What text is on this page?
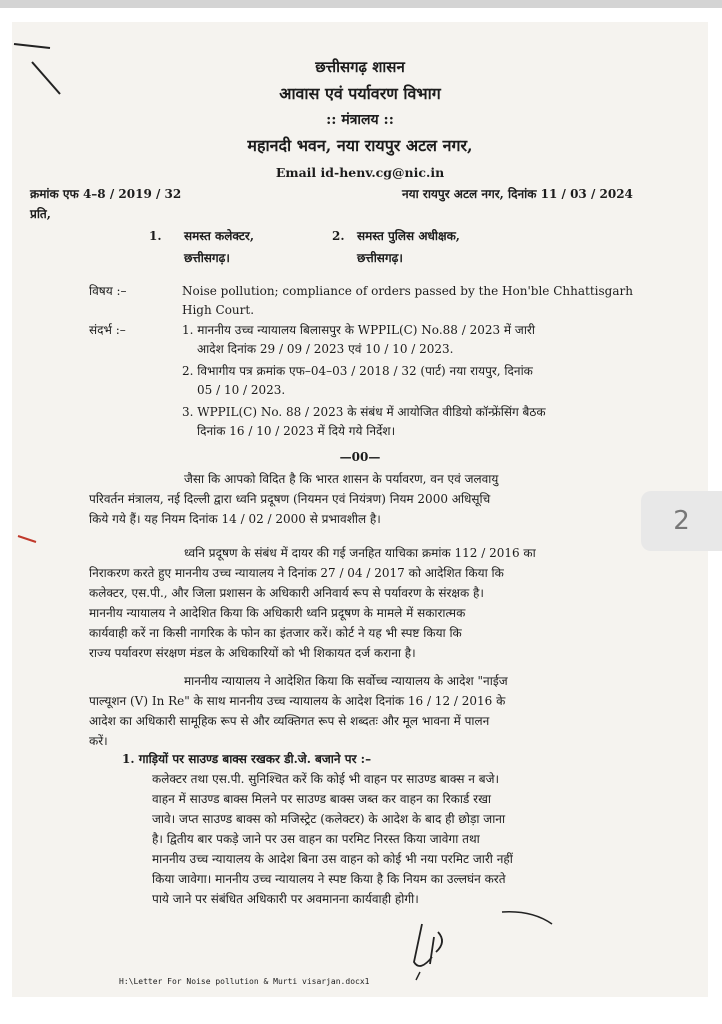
छत्तीसगढ़ शासन
आवास एवं पर्यावरण विभाग
:: मंत्रालय ::
महानदी भवन, नया रायपुर अटल नगर,
Email id-henv.cg@nic.in
क्रमांक एफ 4–8 / 2019 / 32	नया रायपुर अटल नगर, दिनांक 11 / 03 / 2024
प्रति,
1. समस्त कलेक्टर,
छत्तीसगढ़।
2. समस्त पुलिस अधीक्षक,
छत्तीसगढ़।
विषय :–	Noise pollution; compliance of orders passed by the Hon'ble Chhattisgarh
High Court.
संदर्भ :–	1. माननीय उच्च न्यायालय बिलासपुर के WPPIL(C) No.88 / 2023 में जारी
आदेश दिनांक 29 / 09 / 2023 एवं 10 / 10 / 2023.
2. विभागीय पत्र क्रमांक एफ–04–03 / 2018 / 32 (पार्ट) नया रायपुर, दिनांक
05 / 10 / 2023.
3. WPPIL(C) No. 88 / 2023 के संबंध में आयोजित वीडियो कॉन्फ्रेंसिंग बैठक
दिनांक 16 / 10 / 2023 में दिये गये निर्देश।
—00—
जैसा कि आपको विदित है कि भारत शासन के पर्यावरण, वन एवं जलवायु
परिवर्तन मंत्रालय, नई दिल्ली द्वारा ध्वनि प्रदूषण (नियमन एवं नियंत्रण) नियम 2000 अधिसूचि
किये गये हैं। यह नियम दिनांक 14 / 02 / 2000 से प्रभावशील है।
ध्वनि प्रदूषण के संबंध में दायर की गई जनहित याचिका क्रमांक 112 / 2016 का
निराकरण करते हुए माननीय उच्च न्यायालय ने दिनांक 27 / 04 / 2017 को आदेशित किया कि
कलेक्टर, एस.पी., और जिला प्रशासन के अधिकारी अनिवार्य रूप से पर्यावरण के संरक्षक है।
माननीय न्यायालय ने आदेशित किया कि अधिकारी ध्वनि प्रदूषण के मामले में सकारात्मक
कार्यवाही करें ना किसी नागरिक के फोन का इंतजार करें। कोर्ट ने यह भी स्पष्ट किया कि
राज्य पर्यावरण संरक्षण मंडल के अधिकारियों को भी शिकायत दर्ज कराना है।
माननीय न्यायालय ने आदेशित किया कि सर्वोच्च न्यायालय के आदेश "नाईज
पाल्यूशन (V) In Re" के साथ माननीय उच्च न्यायालय के आदेश दिनांक 16 / 12 / 2016 के
आदेश का अधिकारी सामूहिक रूप से और व्यक्तिगत रूप से शब्दतः और मूल भावना में पालन
करें।
1. गाड़ियों पर साउण्ड बाक्स रखकर डी.जे. बजाने पर :–
कलेक्टर तथा एस.पी. सुनिश्चित करें कि कोई भी वाहन पर साउण्ड बाक्स न बजे।
वाहन में साउण्ड बाक्स मिलने पर साउण्ड बाक्स जब्त कर वाहन का रिकार्ड रखा
जावे। जप्त साउण्ड बाक्स को मजिस्ट्रेट (कलेक्टर) के आदेश के बाद ही छोड़ा जाना
है। द्वितीय बार पकड़े जाने पर उस वाहन का परमिट निरस्त किया जावेगा तथा
माननीय उच्च न्यायालय के आदेश बिना उस वाहन को कोई भी नया परमिट जारी नहीं
किया जावेगा। माननीय उच्च न्यायालय ने स्पष्ट किया है कि नियम का उल्लघंन करते
पाये जाने पर संबंधित अधिकारी पर अवमानना कार्यवाही होगी।
H:\Letter For Noise pollution & Murti visarjan.docx1
2
